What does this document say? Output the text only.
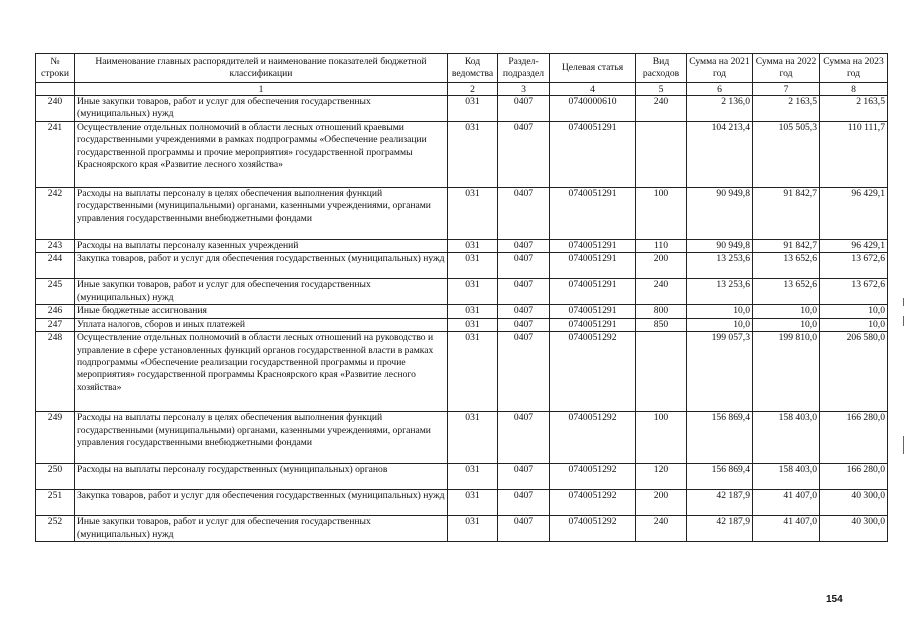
№ строки	Наименование главных распорядителей и наименование показателей бюджетной классификации	Код ведомства	Раздел-подраздел	Целевая статья	Вид расходов	Сумма на 2021 год	Сумма на 2022 год	Сумма на 2023 год
	1	2	3	4	5	6	7	8
240	Иные закупки товаров, работ и услуг для обеспечения государственных (муниципальных) нужд	031	0407	0740000610	240	2 136,0	2 163,5	2 163,5
241	Осуществление отдельных полномочий в области лесных отношений краевыми государственными учреждениями в рамках подпрограммы «Обеспечение реализации государственной программы и прочие мероприятия» государственной программы Красноярского края «Развитие лесного хозяйства»	031	0407	0740051291		104 213,4	105 505,3	110 111,7
242	Расходы на выплаты персоналу в целях обеспечения выполнения функций государственными (муниципальными) органами, казенными учреждениями, органами управления государственными внебюджетными фондами	031	0407	0740051291	100	90 949,8	91 842,7	96 429,1
243	Расходы на выплаты персоналу казенных учреждений	031	0407	0740051291	110	90 949,8	91 842,7	96 429,1
244	Закупка товаров, работ и услуг для обеспечения государственных (муниципальных) нужд	031	0407	0740051291	200	13 253,6	13 652,6	13 672,6
245	Иные закупки товаров, работ и услуг для обеспечения государственных (муниципальных) нужд	031	0407	0740051291	240	13 253,6	13 652,6	13 672,6
246	Иные бюджетные ассигнования	031	0407	0740051291	800	10,0	10,0	10,0
247	Уплата налогов, сборов и иных платежей	031	0407	0740051291	850	10,0	10,0	10,0
248	Осуществление отдельных полномочий в области лесных отношений на руководство и управление в сфере установленных функций органов государственной власти в рамках подпрограммы «Обеспечение реализации государственной программы и прочие мероприятия» государственной программы Красноярского края «Развитие лесного хозяйства»	031	0407	0740051292		199 057,3	199 810,0	206 580,0
249	Расходы на выплаты персоналу в целях обеспечения выполнения функций государственными (муниципальными) органами, казенными учреждениями, органами управления государственными внебюджетными фондами	031	0407	0740051292	100	156 869,4	158 403,0	166 280,0
250	Расходы на выплаты персоналу государственных (муниципальных) органов	031	0407	0740051292	120	156 869,4	158 403,0	166 280,0
251	Закупка товаров, работ и услуг для обеспечения государственных (муниципальных) нужд	031	0407	0740051292	200	42 187,9	41 407,0	40 300,0
252	Иные закупки товаров, работ и услуг для обеспечения государственных (муниципальных) нужд	031	0407	0740051292	240	42 187,9	41 407,0	40 300,0
154
